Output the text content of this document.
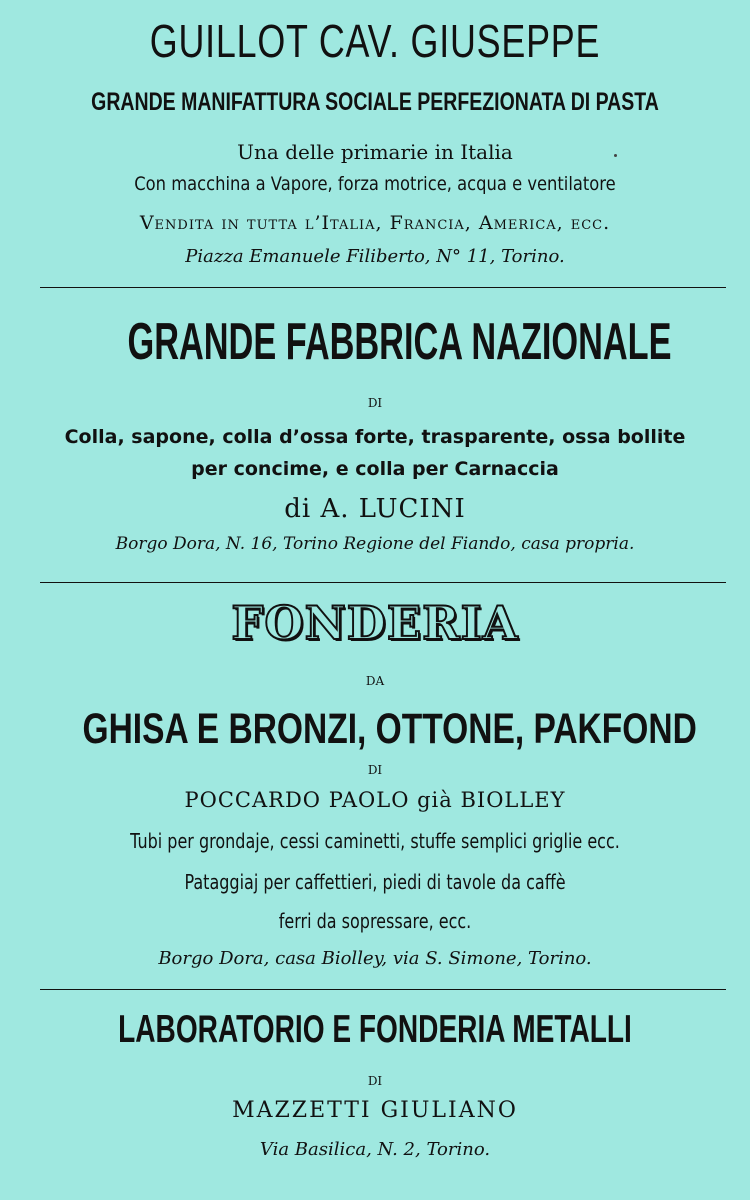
GUILLOT CAV. GIUSEPPE
GRANDE MANIFATTURA SOCIALE PERFEZIONATA DI PASTA
Una delle primarie in Italia
Con macchina a Vapore, forza motrice, acqua e ventilatore
Vendita in tutta l’Italia, Francia, America, ecc.
Piazza Emanuele Filiberto, N° 11, Torino.
GRANDE FABBRICA NAZIONALE
DI
Colla, sapone, colla d’ossa forte, trasparente, ossa bollite
per concime, e colla per Carnaccia
di A. LUCINI
Borgo Dora, N. 16, Torino Regione del Fiando, casa propria.
FONDERIA
DA
GHISA E BRONZI, OTTONE, PAKFOND
DI
POCCARDO PAOLO già BIOLLEY
Tubi per grondaje, cessi caminetti, stuffe semplici griglie ecc.
Pataggiaj per caffettieri, piedi di tavole da caffè
ferri da sopressare, ecc.
Borgo Dora, casa Biolley, via S. Simone, Torino.
LABORATORIO E FONDERIA METALLI
DI
MAZZETTI GIULIANO
Via Basilica, N. 2, Torino.
